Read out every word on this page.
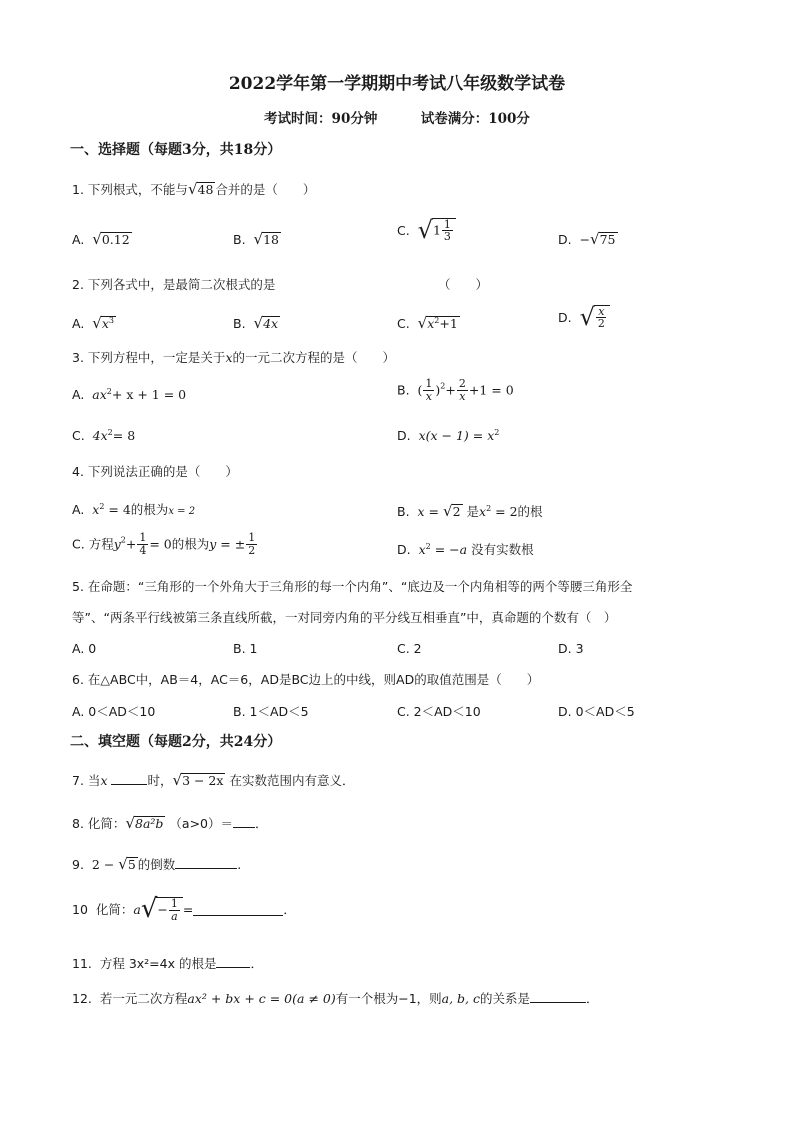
2022学年第一学期期中考试八年级数学试卷
考试时间：90分钟	试卷满分：100分
一、选择题（每题3分，共18分）
1. 下列根式，不能与√48 合并的是（　　）
A. √0.12	B. √18
C. $√1 \frac{1}{3}$	D. −√75
2. 下列各式中，是最简二次根式的是	（　　）
A. $√x^3$	B. √4x	C. $√x^2+1$	D. √ $\frac{x}{2}$
3. 下列方程中，一定是关于x的一元二次方程的是（　　）
A. $ax^2+ x + 1 = 0$	B. ( $\frac{1}{x} )^2+ \frac{2}{x} +1 = 0$
C. $4x^2= 8$	D. $x(x - 1) = x^2$
4. 下列说法正确的是（　　）
A. $x^2 = 4$的根为x = 2	B. x = √2 是$x^2 = 2$的根
C. 方程$y^2+ \frac{1}{4} = 0$的根为y = ± $\frac{1}{2}$	D. $x^2 = -a$ 没有实数根
5. 在命题：“三角形的一个外角大于三角形的每一个内角”、“底边及一个内角相等的两个等腰三角形全
等”、“两条平行线被第三条直线所截，一对同旁内角的平分线互相垂直”中，真命题的个数有（　）
A. 0	B. 1	C. 2	D. 3
6. 在△ABC中，AB＝4，AC＝6，AD是BC边上的中线，则AD的取值范围是（　　）
A. 0＜AD＜10	B. 1＜AD＜5	C. 2＜AD＜10	D. 0＜AD＜5
二、填空题（每题2分，共24分）
7. 当x	时，√3 − 2x 在实数范围内有意义．
8. 化简：√8a²b （a>0）＝ ．
9. 2 − √5 的倒数	.
10 化简：$a√- \frac{1}{a}$ =	．
11. 方程 3x²=4x 的根是	．
12. 若一元二次方程ax² + bx + c = 0(a ≠ 0)有一个根为−1，则a, b, c的关系是	．
